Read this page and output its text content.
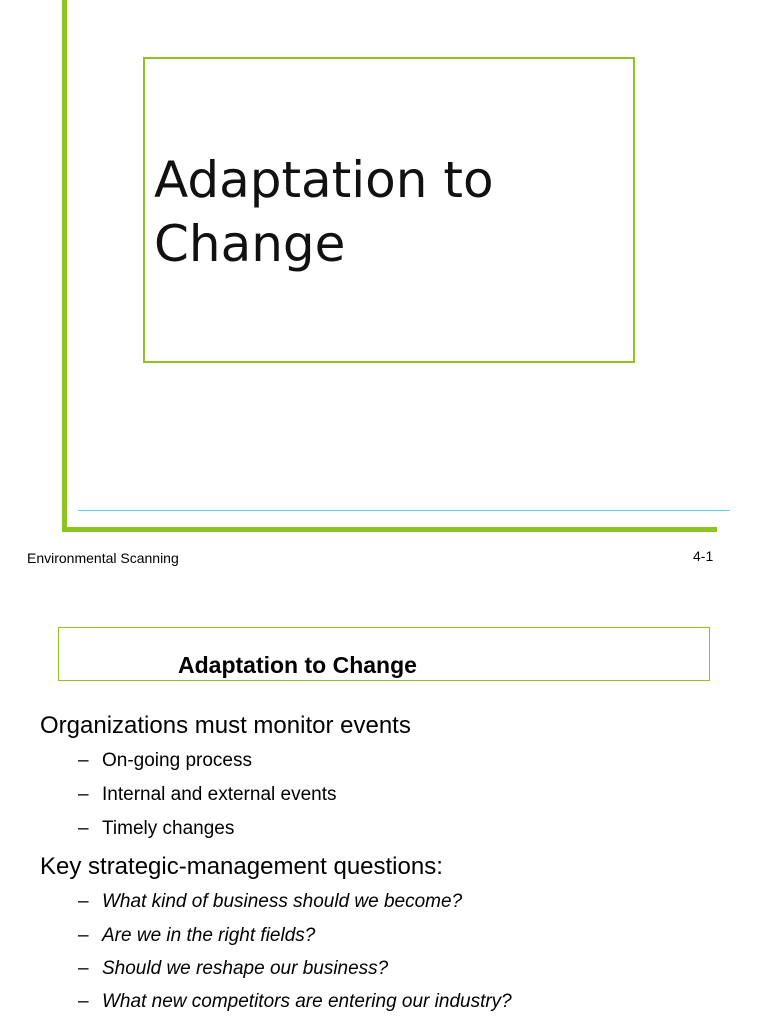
Adaptation to Change
Environmental Scanning	4-1
Adaptation to Change
Organizations must monitor events
– On-going process
– Internal and external events
– Timely changes
Key strategic-management questions:
– What kind of business should we become?
– Are we in the right fields?
– Should we reshape our business?
– What new competitors are entering our industry?
